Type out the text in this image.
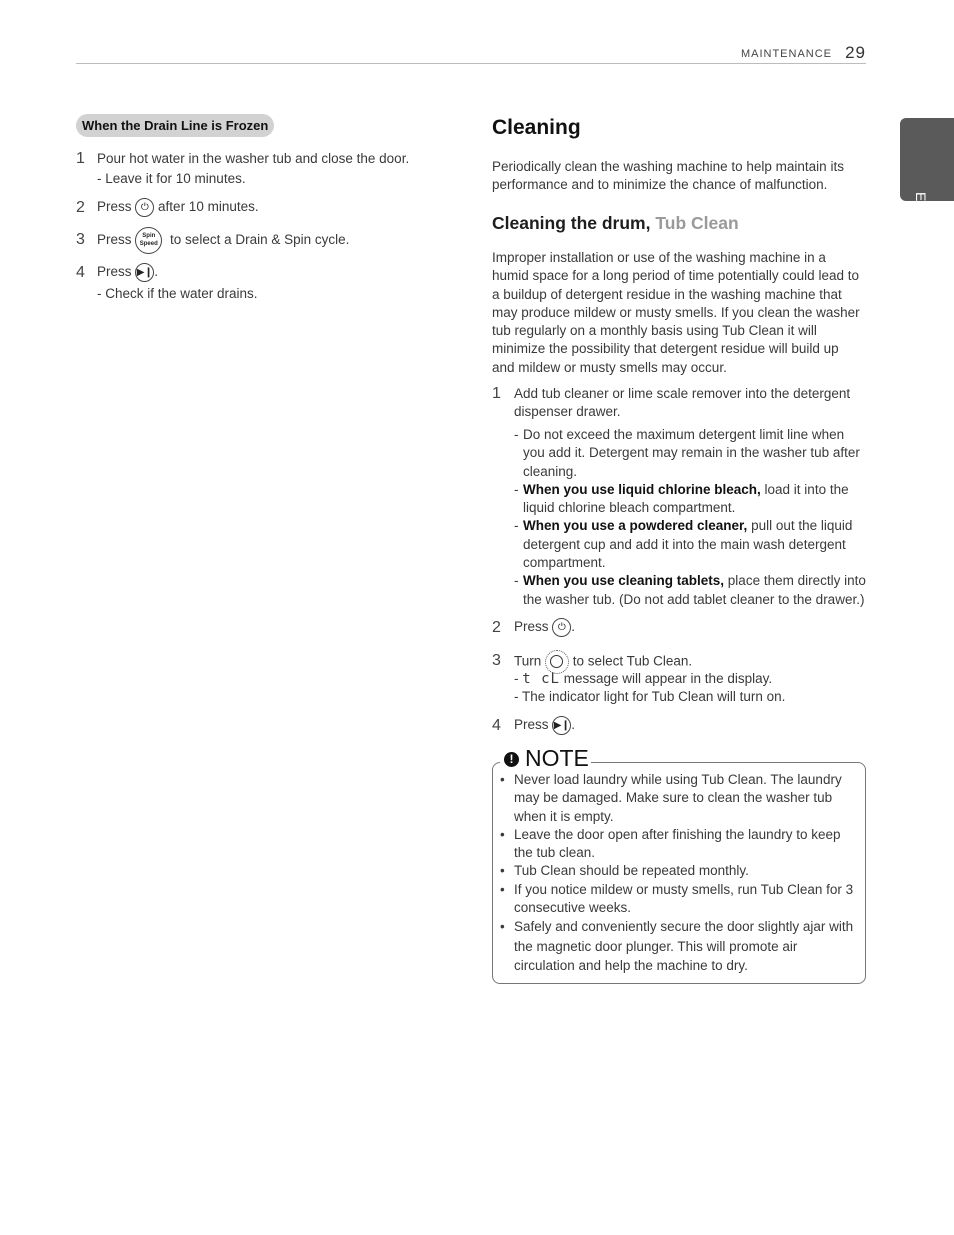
MAINTENANCE 29
ENGLISH
When the Drain Line is Frozen
1 Pour hot water in the washer tub and close the door.
- Leave it for 10 minutes.
2 Press ⏻ after 10 minutes.
3 Press	Spin
Speed to select a Drain & Spin cycle.
4 Press ▶❙.
- Check if the water drains.
Cleaning
Periodically clean the washing machine to help maintain its performance and to minimize the chance of malfunction.
Cleaning the drum, Tub Clean
Improper installation or use of the washing machine in a humid space for a long period of time potentially could lead to a buildup of detergent residue in the washing machine that may produce mildew or musty smells. If you clean the washer tub regularly on a monthly basis using Tub Clean it will minimize the possibility that detergent residue will build up and mildew or musty smells may occur.
1 Add tub cleaner or lime scale remover into the detergent dispenser drawer.
- Do not exceed the maximum detergent limit line when you add it. Detergent may remain in the washer tub after cleaning.
- When you use liquid chlorine bleach, load it into the liquid chlorine bleach compartment.
- When you use a powdered cleaner, pull out the liquid detergent cup and add it into the main wash detergent compartment.
- When you use cleaning tablets, place them directly into the washer tub. (Do not add tablet cleaner to the drawer.)
2 Press ⏻ .
3 Turn to select Tub Clean.
- t cL message will appear in the display.
- The indicator light for Tub Clean will turn on.
4 Press ▶❙.
! NOTE
• Never load laundry while using Tub Clean. The laundry may be damaged. Make sure to clean the washer tub when it is empty.
• Leave the door open after finishing the laundry to keep the tub clean.
• Tub Clean should be repeated monthly.
• If you notice mildew or musty smells, run Tub Clean for 3 consecutive weeks.
• Safely and conveniently secure the door slightly ajar with the magnetic door plunger. This will promote air circulation and help the machine to dry.
